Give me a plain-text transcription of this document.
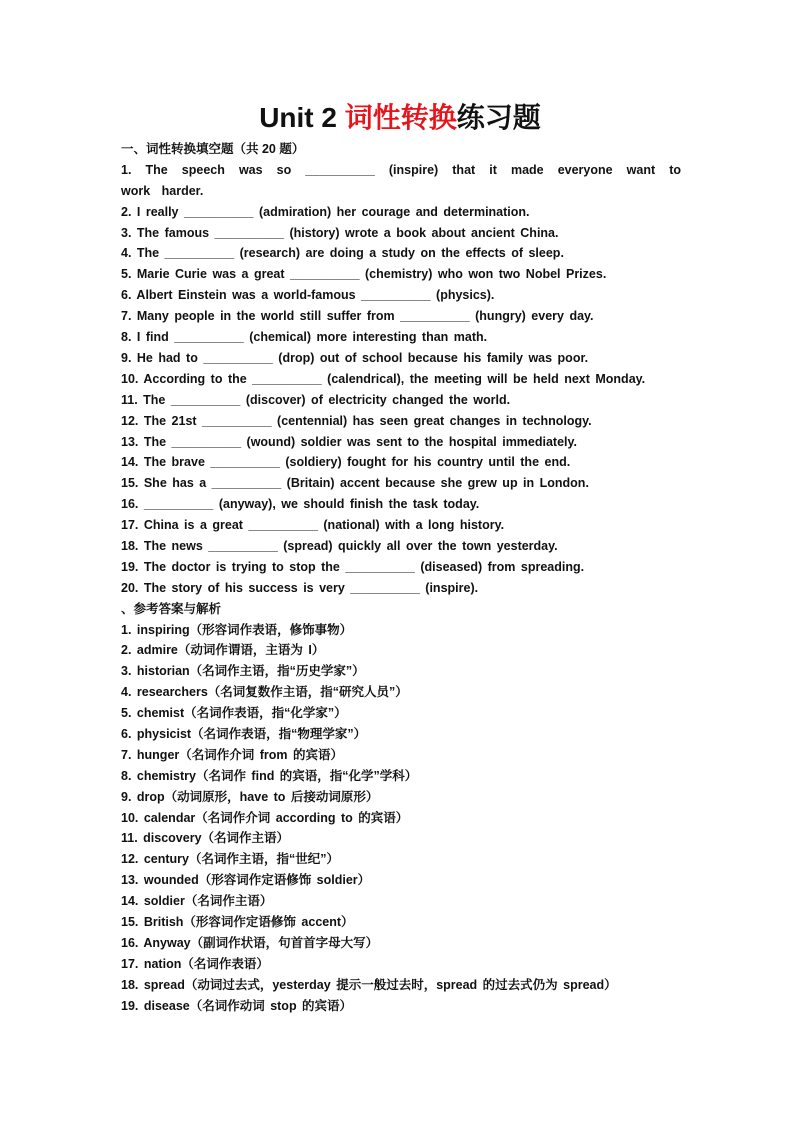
Unit 2 词性转换练习题
一、词性转换填空题（共 20 题）
1. The speech was so __________ (inspire) that it made everyone want to work harder.
2. I really __________ (admiration) her courage and determination.
3. The famous __________ (history) wrote a book about ancient China.
4. The __________ (research) are doing a study on the effects of sleep.
5. Marie Curie was a great __________ (chemistry) who won two Nobel Prizes.
6. Albert Einstein was a world-famous __________ (physics).
7. Many people in the world still suffer from __________ (hungry) every day.
8. I find __________ (chemical) more interesting than math.
9. He had to __________ (drop) out of school because his family was poor.
10. According to the __________ (calendrical), the meeting will be held next Monday.
11. The __________ (discover) of electricity changed the world.
12. The 21st __________ (centennial) has seen great changes in technology.
13. The __________ (wound) soldier was sent to the hospital immediately.
14. The brave __________ (soldiery) fought for his country until the end.
15. She has a __________ (Britain) accent because she grew up in London.
16. __________ (anyway), we should finish the task today.
17. China is a great __________ (national) with a long history.
18. The news __________ (spread) quickly all over the town yesterday.
19. The doctor is trying to stop the __________ (diseased) from spreading.
20. The story of his success is very __________ (inspire).
、参考答案与解析
1. inspiring（形容词作表语，修饰事物）
2. admire（动词作谓语，主语为 I）
3. historian（名词作主语，指“历史学家”）
4. researchers（名词复数作主语，指“研究人员”）
5. chemist（名词作表语，指“化学家”）
6. physicist（名词作表语，指“物理学家”）
7. hunger（名词作介词 from 的宾语）
8. chemistry（名词作 find 的宾语，指“化学”学科）
9. drop（动词原形，have to 后接动词原形）
10. calendar（名词作介词 according to 的宾语）
11. discovery（名词作主语）
12. century（名词作主语，指“世纪”）
13. wounded（形容词作定语修饰 soldier）
14. soldier（名词作主语）
15. British（形容词作定语修饰 accent）
16. Anyway（副词作状语，句首首字母大写）
17. nation（名词作表语）
18. spread（动词过去式，yesterday 提示一般过去时，spread 的过去式仍为 spread）
19. disease（名词作动词 stop 的宾语）
